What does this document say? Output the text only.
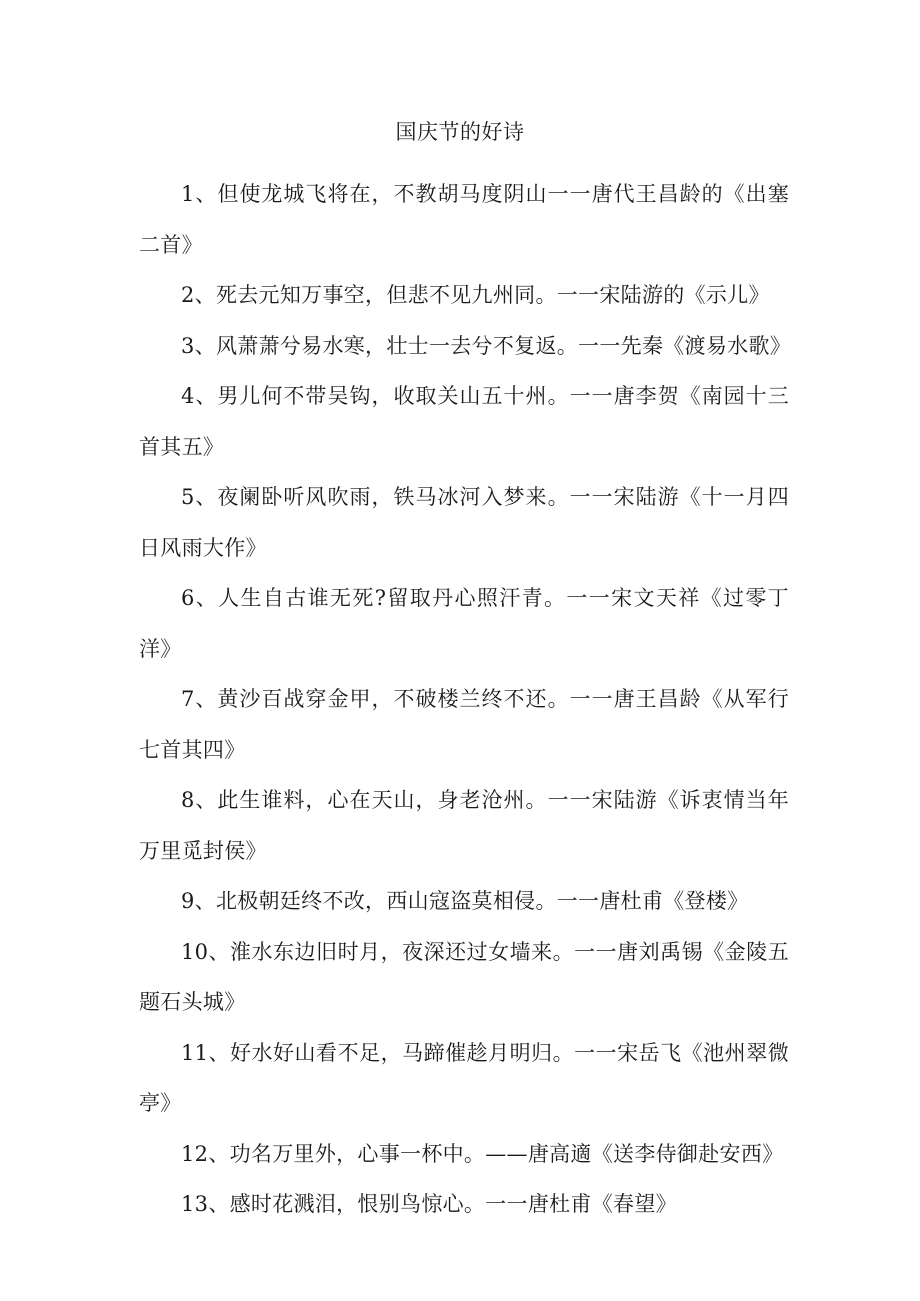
国庆节的好诗

1、但使龙城飞将在，不教胡马度阴山一一唐代王昌龄的《出塞二首》

2、死去元知万事空，但悲不见九州同。一一宋陆游的《示儿》

3、风萧萧兮易水寒，壮士一去兮不复返。一一先秦《渡易水歌》

4、男儿何不带吴钩，收取关山五十州。一一唐李贺《南园十三首其五》

5、夜阑卧听风吹雨，铁马冰河入梦来。一一宋陆游《十一月四日风雨大作》

6、人生自古谁无死?留取丹心照汗青。一一宋文天祥《过零丁洋》

7、黄沙百战穿金甲，不破楼兰终不还。一一唐王昌龄《从军行七首其四》

8、此生谁料，心在天山，身老沧州。一一宋陆游《诉衷情当年万里觅封侯》

9、北极朝廷终不改，西山寇盗莫相侵。一一唐杜甫《登楼》

10、淮水东边旧时月，夜深还过女墙来。一一唐刘禹锡《金陵五题石头城》

11、好水好山看不足，马蹄催趁月明归。一一宋岳飞《池州翠微亭》

12、功名万里外，心事一杯中。——唐高適《送李侍御赴安西》

13、感时花溅泪，恨别鸟惊心。一一唐杜甫《春望》
